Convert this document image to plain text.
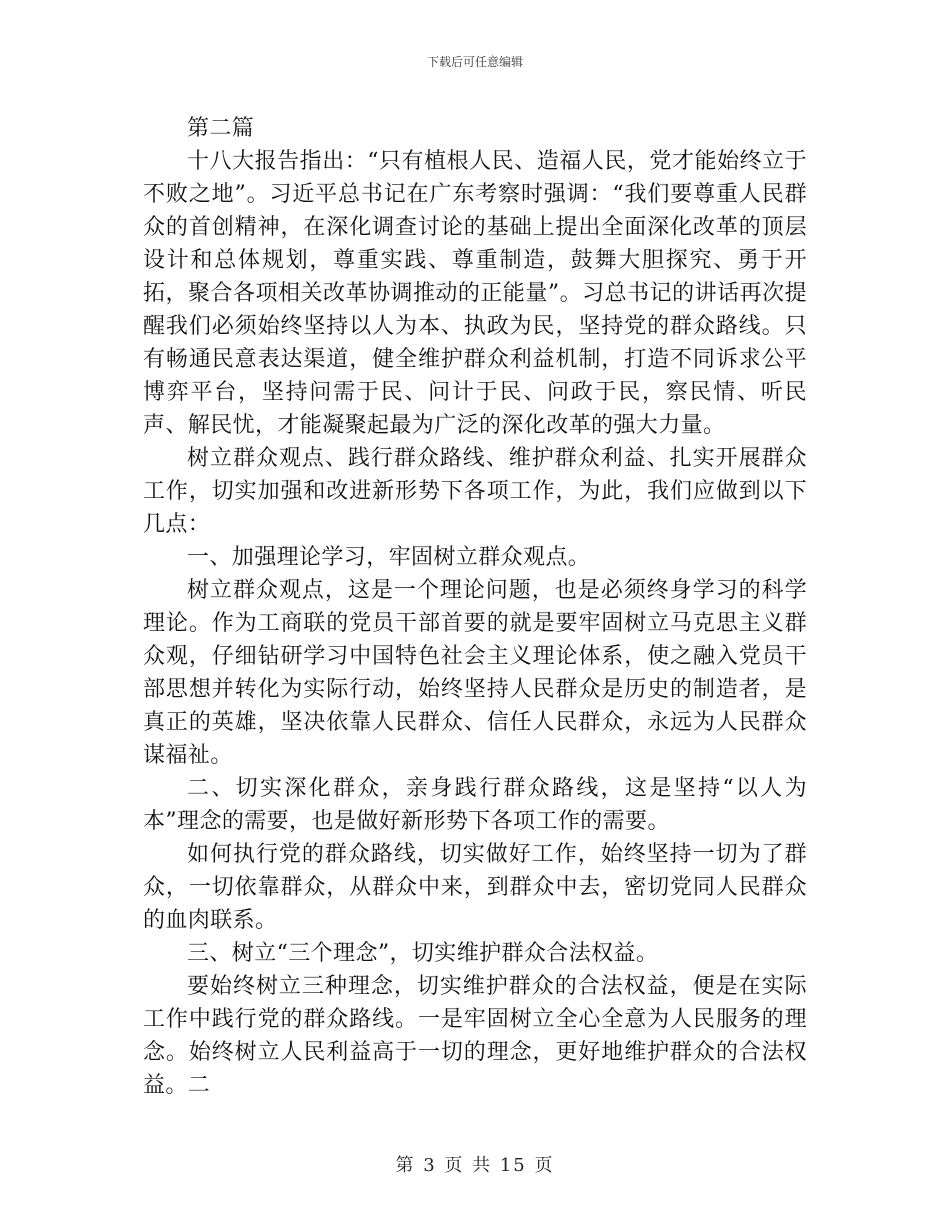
下载后可任意编辑

第二篇

十八大报告指出：“只有植根人民、造福人民，党才能始终立于不败之地”。习近平总书记在广东考察时强调：“我们要尊重人民群众的首创精神，在深化调查讨论的基础上提出全面深化改革的顶层设计和总体规划，尊重实践、尊重制造，鼓舞大胆探究、勇于开拓，聚合各项相关改革协调推动的正能量”。习总书记的讲话再次提醒我们必须始终坚持以人为本、执政为民，坚持党的群众路线。只有畅通民意表达渠道，健全维护群众利益机制，打造不同诉求公平博弈平台，坚持问需于民、问计于民、问政于民，察民情、听民声、解民忧，才能凝聚起最为广泛的深化改革的强大力量。

树立群众观点、践行群众路线、维护群众利益、扎实开展群众工作，切实加强和改进新形势下各项工作，为此，我们应做到以下几点：

一、加强理论学习，牢固树立群众观点。

树立群众观点，这是一个理论问题，也是必须终身学习的科学理论。作为工商联的党员干部首要的就是要牢固树立马克思主义群众观，仔细钻研学习中国特色社会主义理论体系，使之融入党员干部思想并转化为实际行动，始终坚持人民群众是历史的制造者，是真正的英雄，坚决依靠人民群众、信任人民群众，永远为人民群众谋福祉。

二、切实深化群众，亲身践行群众路线，这是坚持“以人为本”理念的需要，也是做好新形势下各项工作的需要。

如何执行党的群众路线，切实做好工作，始终坚持一切为了群众，一切依靠群众，从群众中来，到群众中去，密切党同人民群众的血肉联系。

三、树立“三个理念”，切实维护群众合法权益。

要始终树立三种理念，切实维护群众的合法权益，便是在实际工作中践行党的群众路线。一是牢固树立全心全意为人民服务的理念。始终树立人民利益高于一切的理念，更好地维护群众的合法权益。二

第 3 页 共 15 页
